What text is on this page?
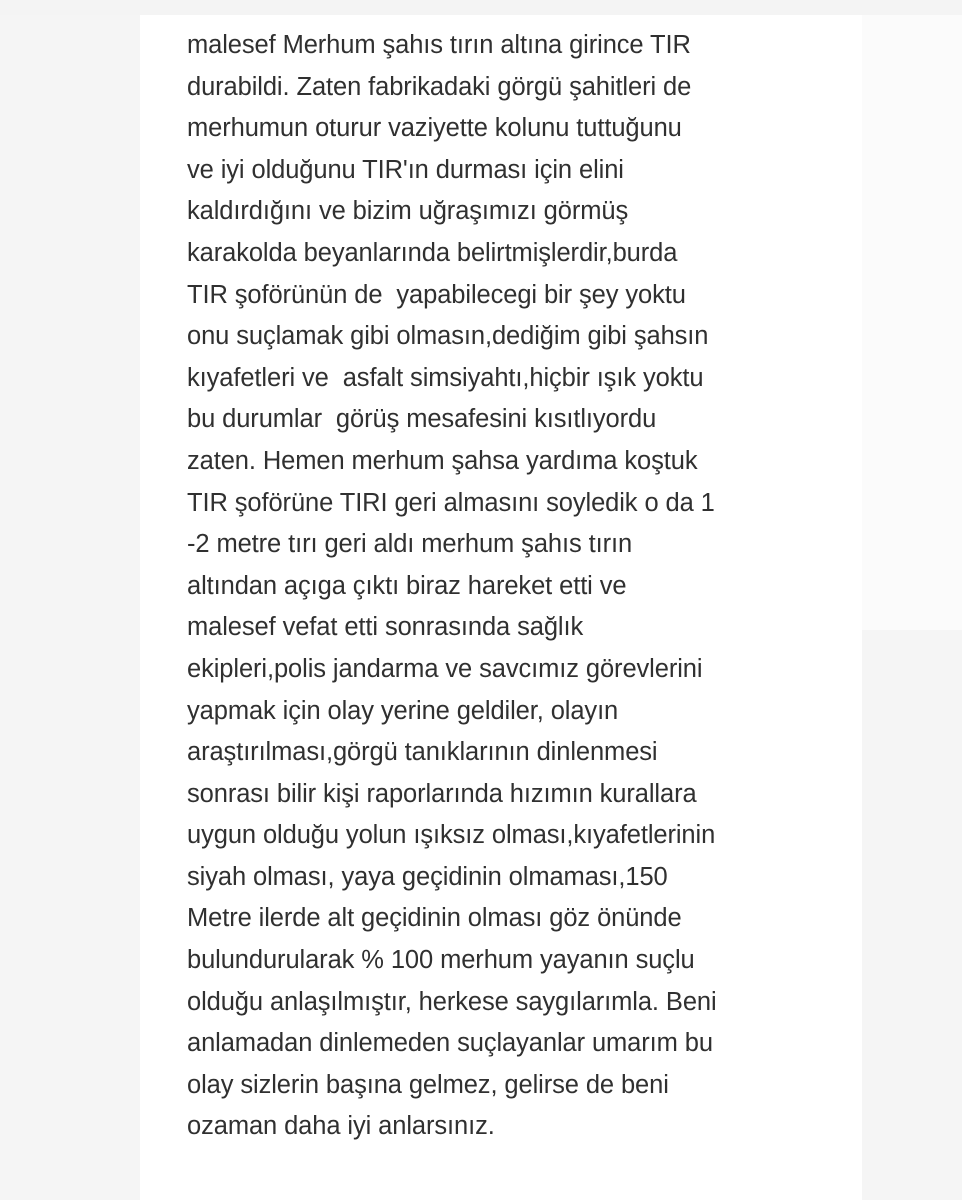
malesef Merhum şahıs tırın altına girince TIR
durabildi. Zaten fabrikadaki görgü şahitleri de
merhumun oturur vaziyette kolunu tuttuğunu
ve iyi olduğunu TIR'ın durması için elini
kaldırdığını ve bizim uğraşımızı görmüş
karakolda beyanlarında belirtmişlerdir,burda
TIR şoförünün de  yapabilecegi bir şey yoktu
onu suçlamak gibi olmasın,dediğim gibi şahsın
kıyafetleri ve  asfalt simsiyahtı,hiçbir ışık yoktu
bu durumlar  görüş mesafesini kısıtlıyordu
zaten. Hemen merhum şahsa yardıma koştuk
TIR şoförüne TIRI geri almasını soyledik o da 1
-2 metre tırı geri aldı merhum şahıs tırın
altından açıga çıktı biraz hareket etti ve
malesef vefat etti sonrasında sağlık
ekipleri,polis jandarma ve savcımız görevlerini
yapmak için olay yerine geldiler, olayın
araştırılması,görgü tanıklarının dinlenmesi
sonrası bilir kişi raporlarında hızımın kurallara
uygun olduğu yolun ışıksız olması,kıyafetlerinin
siyah olması, yaya geçidinin olmaması,150
Metre ilerde alt geçidinin olması göz önünde
bulundurularak % 100 merhum yayanın suçlu
olduğu anlaşılmıştır, herkese saygılarımla. Beni
anlamadan dinlemeden suçlayanlar umarım bu
olay sizlerin başına gelmez, gelirse de beni
ozaman daha iyi anlarsınız.
